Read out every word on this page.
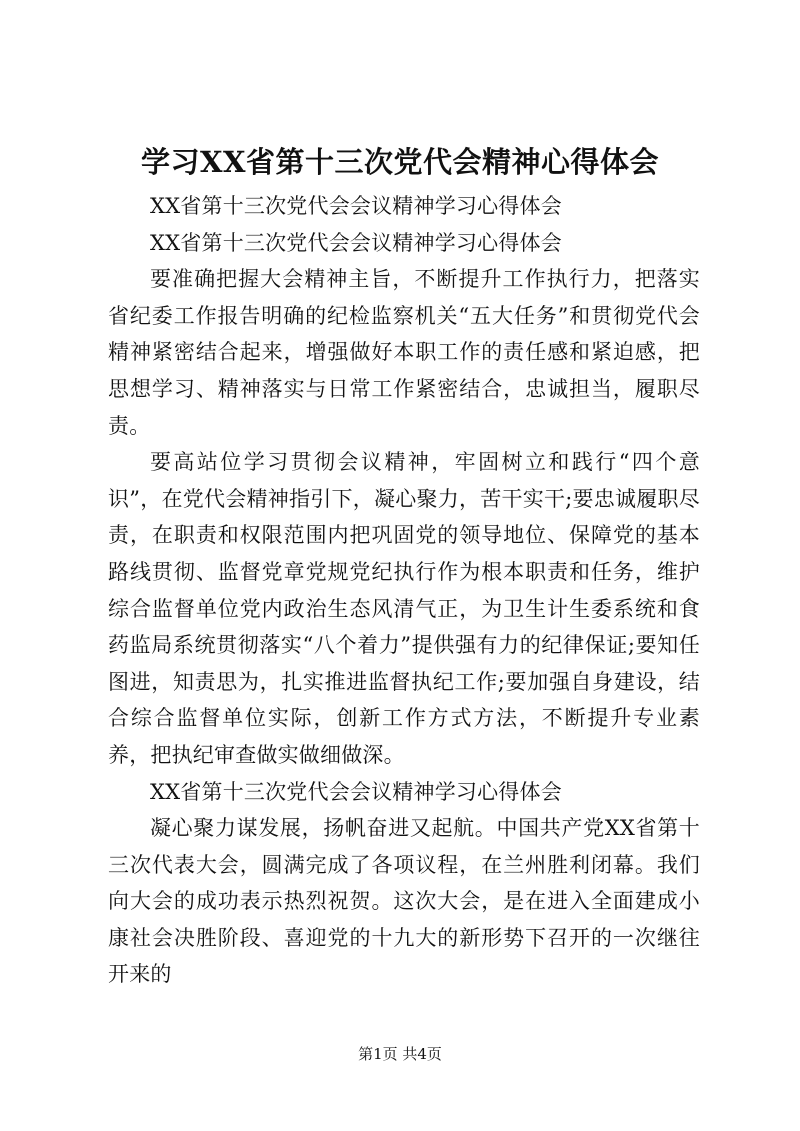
学习XX省第十三次党代会精神心得体会

XX省第十三次党代会会议精神学习心得体会

XX省第十三次党代会会议精神学习心得体会

要准确把握大会精神主旨，不断提升工作执行力，把落实省纪委工作报告明确的纪检监察机关“五大任务”和贯彻党代会精神紧密结合起来，增强做好本职工作的责任感和紧迫感，把思想学习、精神落实与日常工作紧密结合，忠诚担当，履职尽责。

要高站位学习贯彻会议精神，牢固树立和践行“四个意识”，在党代会精神指引下，凝心聚力，苦干实干;要忠诚履职尽责，在职责和权限范围内把巩固党的领导地位、保障党的基本路线贯彻、监督党章党规党纪执行作为根本职责和任务，维护综合监督单位党内政治生态风清气正，为卫生计生委系统和食药监局系统贯彻落实“八个着力”提供强有力的纪律保证;要知任图进，知责思为，扎实推进监督执纪工作;要加强自身建设，结合综合监督单位实际，创新工作方式方法，不断提升专业素养，把执纪审查做实做细做深。

XX省第十三次党代会会议精神学习心得体会

凝心聚力谋发展，扬帆奋进又起航。中国共产党XX省第十三次代表大会，圆满完成了各项议程，在兰州胜利闭幕。我们向大会的成功表示热烈祝贺。这次大会，是在进入全面建成小康社会决胜阶段、喜迎党的十九大的新形势下召开的一次继往开来的

第1页 共4页
